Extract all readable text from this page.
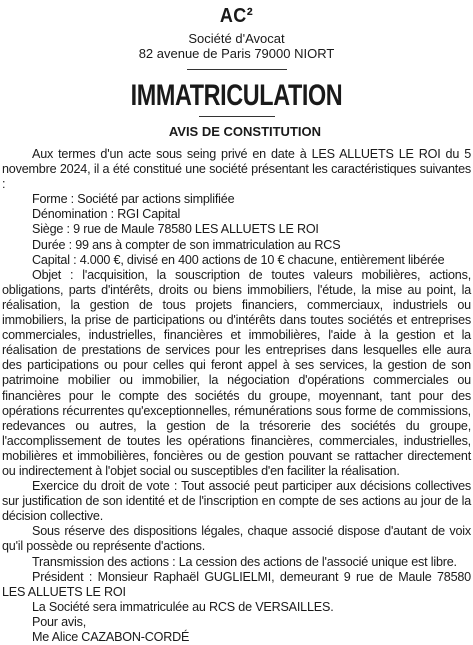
AC²
Société d'Avocat
82 avenue de Paris 79000 NIORT
IMMATRICULATION
AVIS DE CONSTITUTION

Aux termes d'un acte sous seing privé en date à LES ALLUETS LE ROI du 5 novembre 2024, il a été constitué une société présentant les caractéristiques suivantes :

Forme : Société par actions simplifiée

Dénomination : RGI Capital

Siège : 9 rue de Maule 78580 LES ALLUETS LE ROI

Durée : 99 ans à compter de son immatriculation au RCS

Capital : 4.000 €, divisé en 400 actions de 10 € chacune, entièrement libérée

Objet : l'acquisition, la souscription de toutes valeurs mobilières, actions, obligations, parts d'intérêts, droits ou biens immobiliers, l'étude, la mise au point, la réalisation, la gestion de tous projets financiers, commerciaux, industriels ou immobiliers, la prise de participations ou d'intérêts dans toutes sociétés et entreprises commerciales, industrielles, financières et immobilières, l'aide à la gestion et la réalisation de prestations de services pour les entreprises dans lesquelles elle aura des participations ou pour celles qui feront appel à ses services, la gestion de son patrimoine mobilier ou immobilier, la négociation d'opérations commerciales ou financières pour le compte des sociétés du groupe, moyennant, tant pour des opérations récurrentes qu'exceptionnelles, rémunérations sous forme de commissions, redevances ou autres, la gestion de la trésorerie des sociétés du groupe, l'accomplissement de toutes les opérations financières, commerciales, industrielles, mobilières et immobilières, foncières ou de gestion pouvant se rattacher directement ou indirectement à l'objet social ou susceptibles d'en faciliter la réalisation.

Exercice du droit de vote : Tout associé peut participer aux décisions collectives sur justification de son identité et de l'inscription en compte de ses actions au jour de la décision collective.

Sous réserve des dispositions légales, chaque associé dispose d'autant de voix qu'il possède ou représente d'actions.

Transmission des actions : La cession des actions de l'associé unique est libre.

Président : Monsieur Raphaël GUGLIELMI, demeurant 9 rue de Maule 78580 LES ALLUETS LE ROI

La Société sera immatriculée au RCS de VERSAILLES.

Pour avis,

Me Alice CAZABON-CORDÉ
